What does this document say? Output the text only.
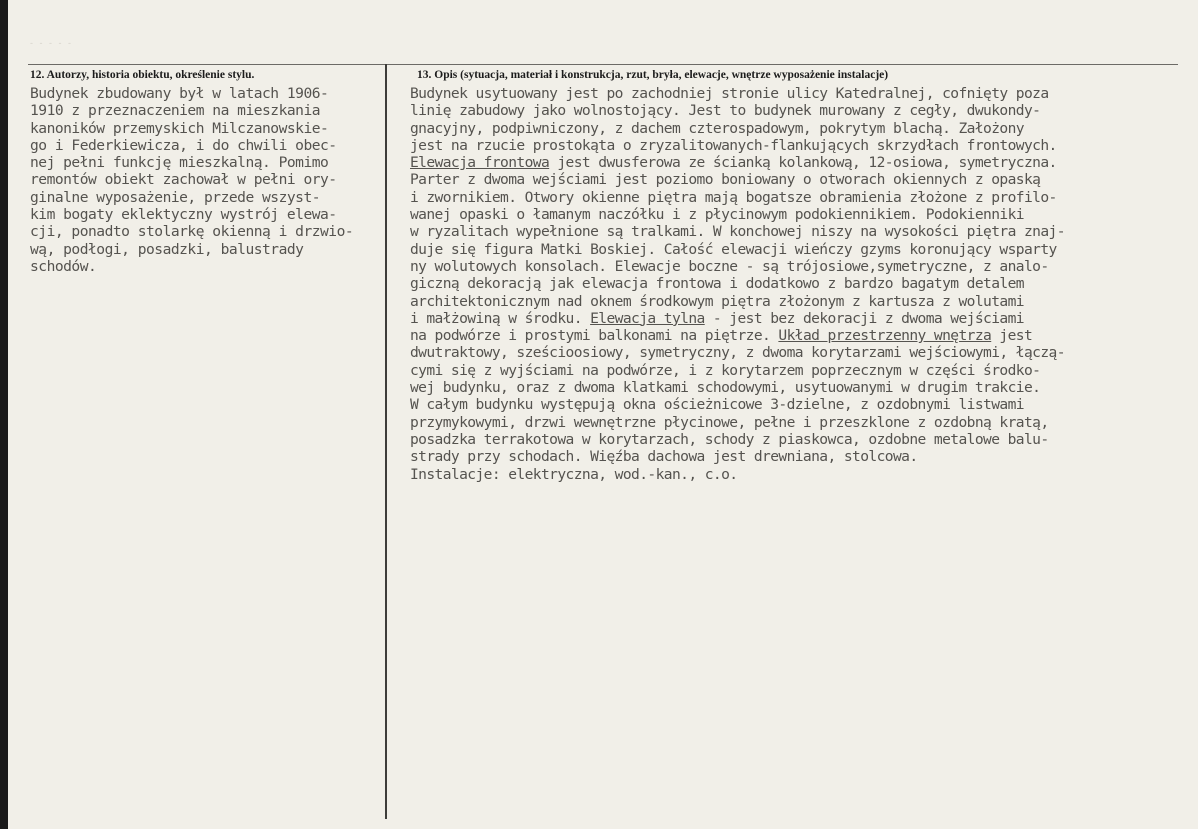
- - - - -
12. Autorzy, historia obiektu, określenie stylu.	13. Opis (sytuacja, materiał i konstrukcja, rzut, bryła, elewacje, wnętrze wyposażenie instalacje)
Budynek zbudowany był w latach 1906-
1910 z przeznaczeniem na mieszkania
kanoników przemyskich Milczanowskie-
go i Federkiewicza, i do chwili obec-
nej pełni funkcję mieszkalną. Pomimo
remontów obiekt zachował w pełni ory-
ginalne wyposażenie, przede wszyst-
kim bogaty eklektyczny wystrój elewa-
cji, ponadto stolarkę okienną i drzwio-
wą, podłogi, posadzki, balustrady
schodów.
Budynek usytuowany jest po zachodniej stronie ulicy Katedralnej, cofnięty poza
linię zabudowy jako wolnostojący. Jest to budynek murowany z cegły, dwukondy-
gnacyjny, podpiwniczony, z dachem czterospadowym, pokrytym blachą. Założony
jest na rzucie prostokąta o zryzalitowanych-flankujących skrzydłach frontowych.
Elewacja frontowa jest dwusferowa ze ścianką kolankową, 12-osiowa, symetryczna.
Parter z dwoma wejściami jest poziomo boniowany o otworach okiennych z opaską
i zwornikiem. Otwory okienne piętra mają bogatsze obramienia złożone z profilo-
wanej opaski o łamanym naczółku i z płycinowym podokiennikiem. Podokienniki
w ryzalitach wypełnione są tralkami. W konchowej niszy na wysokości piętra znaj-
duje się figura Matki Boskiej. Całość elewacji wieńczy gzyms koronujący wsparty
ny wolutowych konsolach. Elewacje boczne - są trójosiowe,symetryczne, z analo-
giczną dekoracją jak elewacja frontowa i dodatkowo z bardzo bagatym detalem
architektonicznym nad oknem środkowym piętra złożonym z kartusza z wolutami
i małżowiną w środku. Elewacja tylna - jest bez dekoracji z dwoma wejściami
na podwórze i prostymi balkonami na piętrze. Układ przestrzenny wnętrza jest
dwutraktowy, sześcioosiowy, symetryczny, z dwoma korytarzami wejściowymi, łączą-
cymi się z wyjściami na podwórze, i z korytarzem poprzecznym w części środko-
wej budynku, oraz z dwoma klatkami schodowymi, usytuowanymi w drugim trakcie.
W całym budynku występują okna ościeżnicowe 3-dzielne, z ozdobnymi listwami
przymykowymi, drzwi wewnętrzne płycinowe, pełne i przeszklone z ozdobną kratą,
posadzka terrakotowa w korytarzach, schody z piaskowca, ozdobne metalowe balu-
strady przy schodach. Więźba dachowa jest drewniana, stolcowa.
Instalacje: elektryczna, wod.-kan., c.o.
